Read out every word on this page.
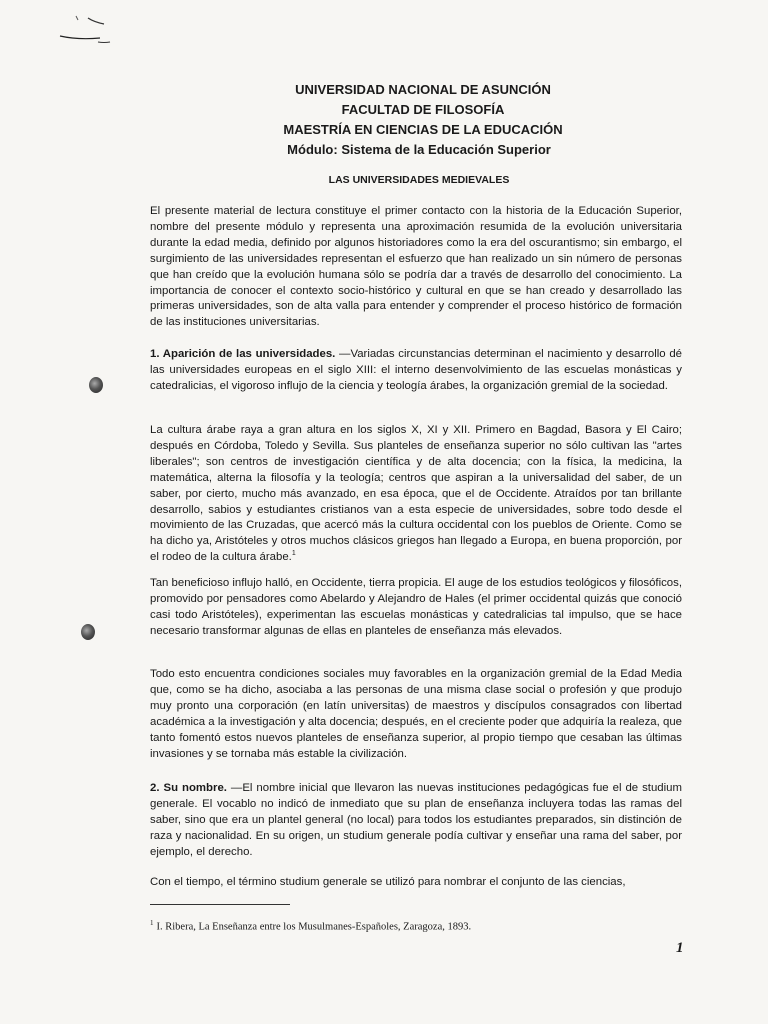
UNIVERSIDAD NACIONAL DE ASUNCIÓN
FACULTAD DE FILOSOFÍA
MAESTRÍA EN CIENCIAS DE LA EDUCACIÓN
Módulo: Sistema de la Educación Superior
LAS UNIVERSIDADES MEDIEVALES

El presente material de lectura constituye el primer contacto con la historia de la Educación Superior, nombre del presente módulo y representa una aproximación resumida de la evolución universitaria durante la edad media, definido por algunos historiadores como la era del oscurantismo; sin embargo, el surgimiento de las universidades representan el esfuerzo que han realizado un sin número de personas que han creído que la evolución humana sólo se podría dar a través de desarrollo del conocimiento. La importancia de conocer el contexto socio-histórico y cultural en que se han creado y desarrollado las primeras universidades, son de alta valla para entender y comprender el proceso histórico de formación de las instituciones universitarias.

1. Aparición de las universidades. —Variadas circunstancias determinan el nacimiento y desarrollo dé las universidades europeas en el siglo XIII: el interno desenvolvimiento de las escuelas monásticas y catedralicias, el vigoroso influjo de la ciencia y teología árabes, la organización gremial de la sociedad.

La cultura árabe raya a gran altura en los siglos X, XI y XII. Primero en Bagdad, Basora y El Cairo; después en Córdoba, Toledo y Sevilla. Sus planteles de enseñanza superior no sólo cultivan las "artes liberales"; son centros de investigación científica y de alta docencia; con la física, la medicina, la matemática, alterna la filosofía y la teología; centros que aspiran a la universalidad del saber, de un saber, por cierto, mucho más avanzado, en esa época, que el de Occidente. Atraídos por tan brillante desarrollo, sabios y estudiantes cristianos van a esta especie de universidades, sobre todo desde el movimiento de las Cruzadas, que acercó más la cultura occidental con los pueblos de Oriente. Como se ha dicho ya, Aristóteles y otros muchos clásicos griegos han llegado a Europa, en buena proporción, por el rodeo de la cultura árabe.$^1$

Tan beneficioso influjo halló, en Occidente, tierra propicia. El auge de los estudios teológicos y filosóficos, promovido por pensadores como Abelardo y Alejandro de Hales (el primer occidental quizás que conoció casi todo Aristóteles), experimentan las escuelas monásticas y catedralicias tal impulso, que se hace necesario transformar algunas de ellas en planteles de enseñanza más elevados.

Todo esto encuentra condiciones sociales muy favorables en la organización gremial de la Edad Media que, como se ha dicho, asociaba a las personas de una misma clase social o profesión y que produjo muy pronto una corporación (en latín universitas) de maestros y discípulos consagrados con libertad académica a la investigación y alta docencia; después, en el creciente poder que adquiría la realeza, que tanto fomentó estos nuevos planteles de enseñanza superior, al propio tiempo que cesaban las últimas invasiones y se tornaba más estable la civilización.

2. Su nombre. —El nombre inicial que llevaron las nuevas instituciones pedagógicas fue el de studium generale. El vocablo no indicó de inmediato que su plan de enseñanza incluyera todas las ramas del saber, sino que era un plantel general (no local) para todos los estudiantes preparados, sin distinción de raza y nacionalidad. En su origen, un studium generale podía cultivar y enseñar una rama del saber, por ejemplo, el derecho.

Con el tiempo, el término studium generale se utilizó para nombrar el conjunto de las ciencias,

$^1$ I. Ribera, La Enseñanza entre los Musulmanes-Españoles, Zaragoza, 1893.
1
